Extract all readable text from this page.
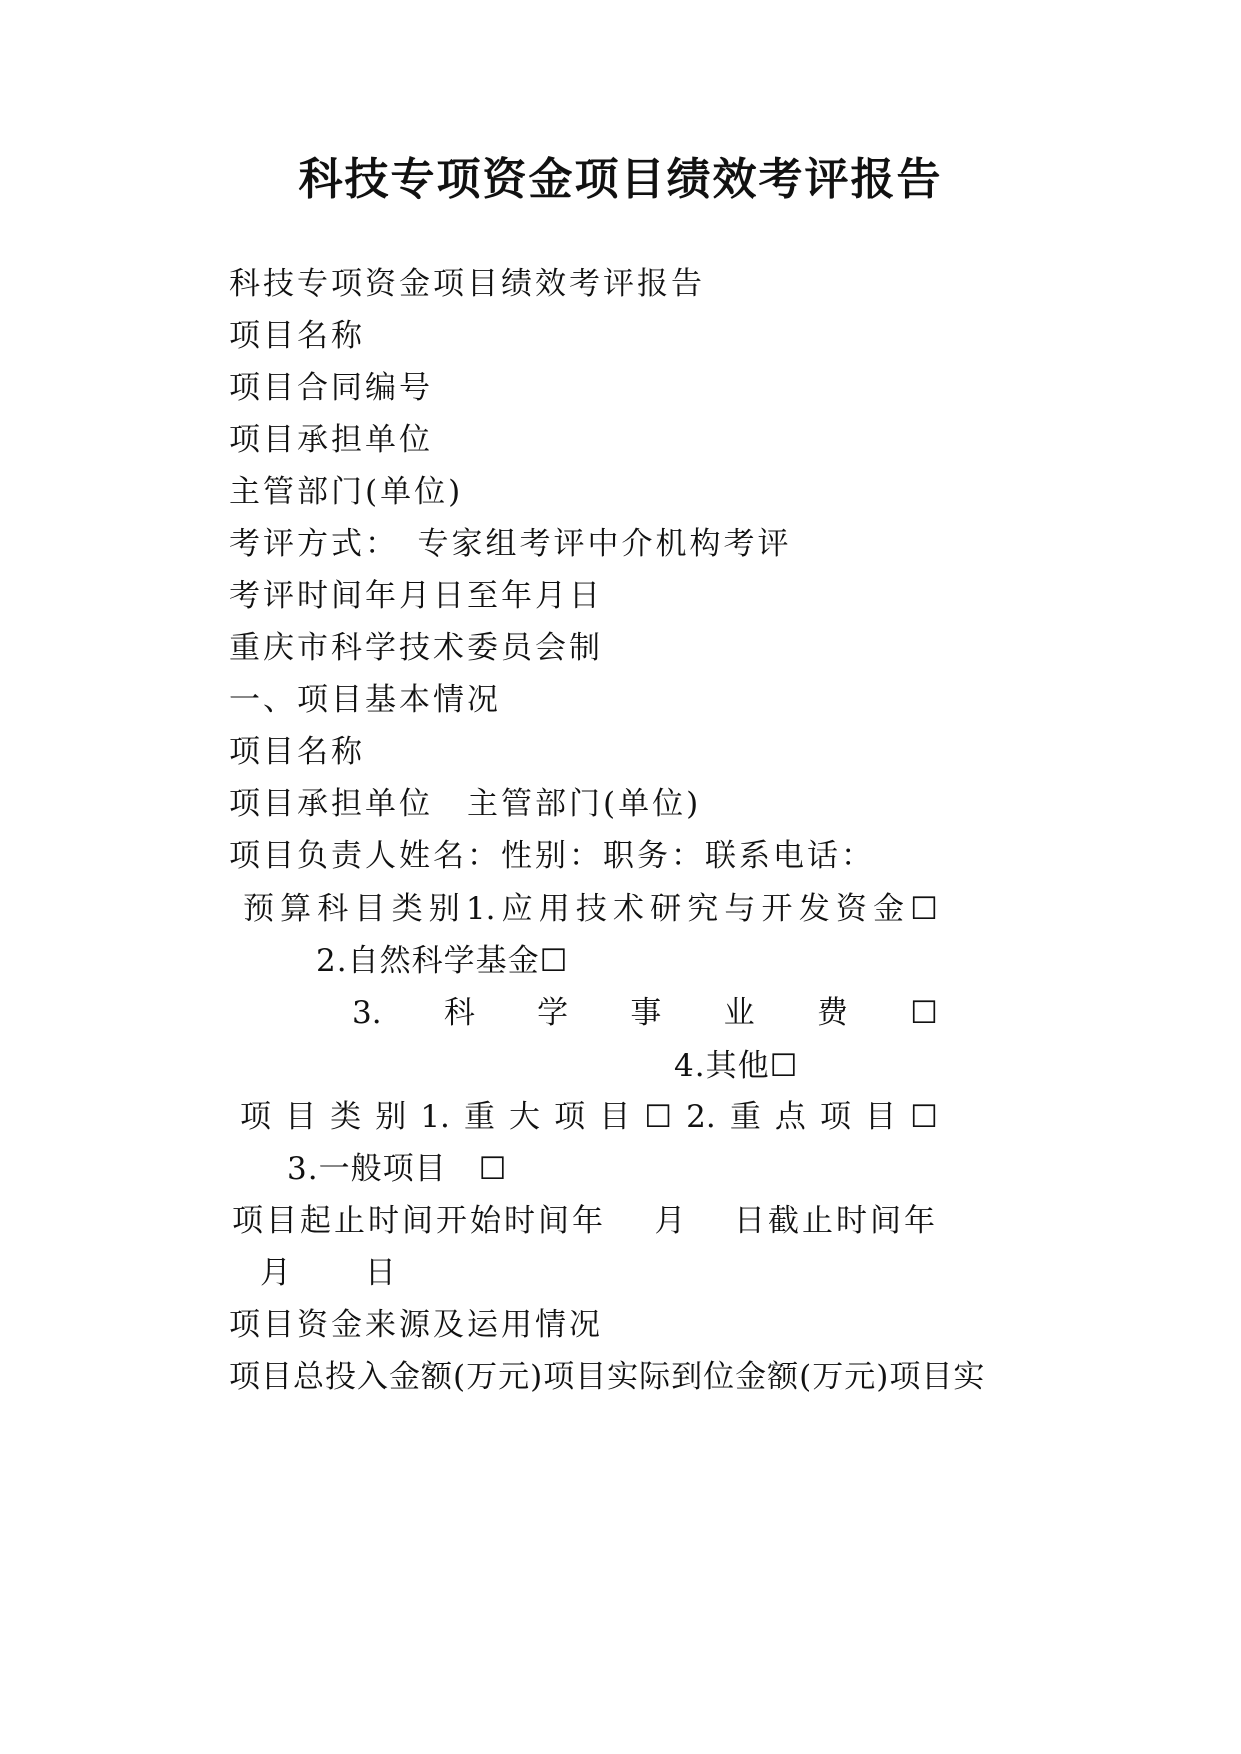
科技专项资金项目绩效考评报告
科技专项资金项目绩效考评报告
项目名称
项目合同编号
项目承担单位
主管部门(单位)
考评方式：　专家组考评中介机构考评
考评时间年月日至年月日
重庆市科学技术委员会制
一、项目基本情况
项目名称
项目承担单位　主管部门(单位)
项目负责人姓名：性别：职务：联系电话：
预 算 科 目 类 别 1. 应 用 技 术 研 究 与 开 发 资 金 ☐
2.自然科学基金☐
3. 科 学 事 业 费 ☐
4.其他☐
项 目 类 别 1. 重 大 项 目 ☐ 2. 重 点 项 目 ☐
3.一般项目　☐
项目起止时间开始时间年 月 日截止时间年
月 日
项目资金来源及运用情况
项目总投入金额(万元)项目实际到位金额(万元)项目实
